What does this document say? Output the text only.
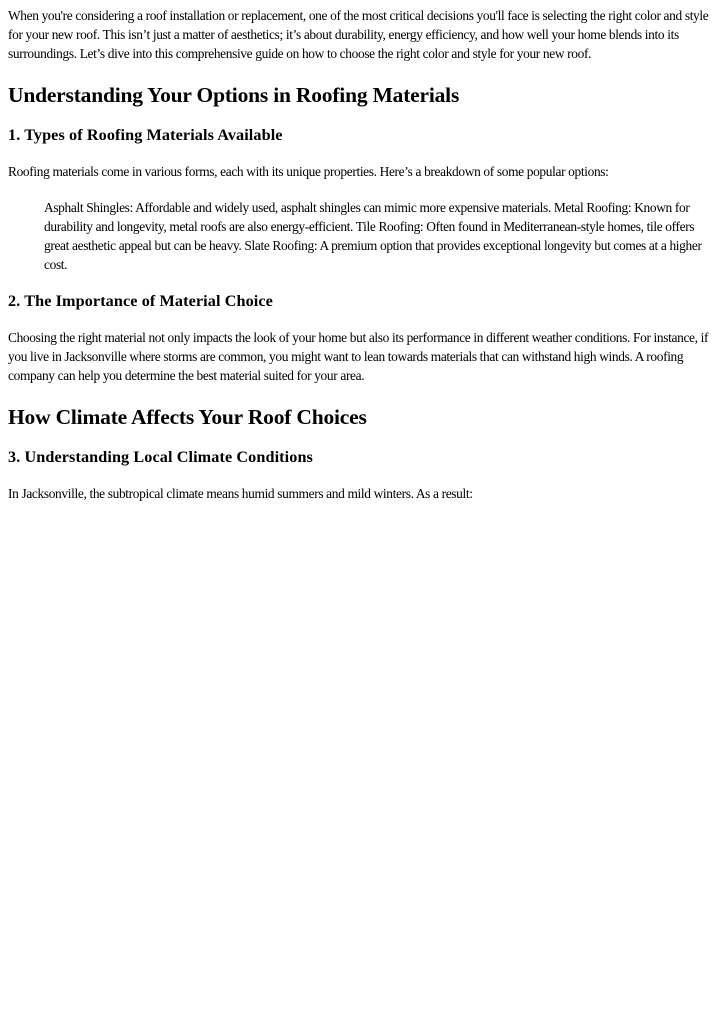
When you're considering a roof installation or replacement, one of the most critical decisions you'll face is selecting the right color and style for your new roof. This isn’t just a matter of aesthetics; it’s about durability, energy efficiency, and how well your home blends into its surroundings. Let’s dive into this comprehensive guide on how to choose the right color and style for your new roof.

Understanding Your Options in Roofing Materials
1. Types of Roofing Materials Available

Roofing materials come in various forms, each with its unique properties. Here’s a breakdown of some popular options:

Asphalt Shingles: Affordable and widely used, asphalt shingles can mimic more expensive materials. Metal Roofing: Known for durability and longevity, metal roofs are also energy-efficient. Tile Roofing: Often found in Mediterranean-style homes, tile offers great aesthetic appeal but can be heavy. Slate Roofing: A premium option that provides exceptional longevity but comes at a higher cost.
2. The Importance of Material Choice

Choosing the right material not only impacts the look of your home but also its performance in different weather conditions. For instance, if you live in Jacksonville where storms are common, you might want to lean towards materials that can withstand high winds. A roofing company can help you determine the best material suited for your area.

How Climate Affects Your Roof Choices
3. Understanding Local Climate Conditions

In Jacksonville, the subtropical climate means humid summers and mild winters. As a result:
